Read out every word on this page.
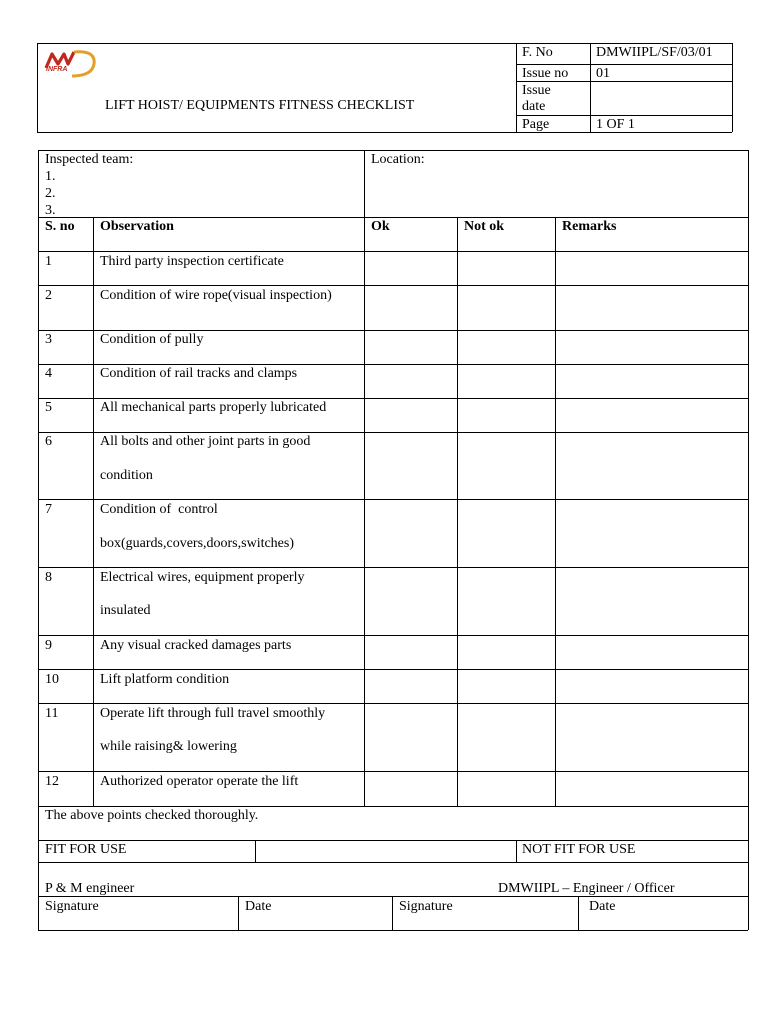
INFRA
LIFT HOIST/ EQUIPMENTS FITNESS CHECKLIST
F. No	DMWIIPL/SF/03/01
Issue no 01
Issue date
Page	1 OF 1
Inspected team:
1.
2.
3.
Location:
S. no Observation	Ok	Not ok	Remarks
1	Third party inspection certificate
2	Condition of wire rope(visual inspection)
3	Condition of pully
4	Condition of rail tracks and clamps
5	All mechanical parts properly lubricated
6	All bolts and other joint parts in good
condition
7	Condition of  control
box(guards,covers,doors,switches)
8	Electrical wires, equipment properly
insulated
9	Any visual cracked damages parts
10	Lift platform condition
11	Operate lift through full travel smoothly
while raising& lowering
12	Authorized operator operate the lift
The above points checked thoroughly.
FIT FOR USE	NOT FIT FOR USE
P & M engineer	DMWIIPL – Engineer / Officer
Signature	Date	Signature	Date
